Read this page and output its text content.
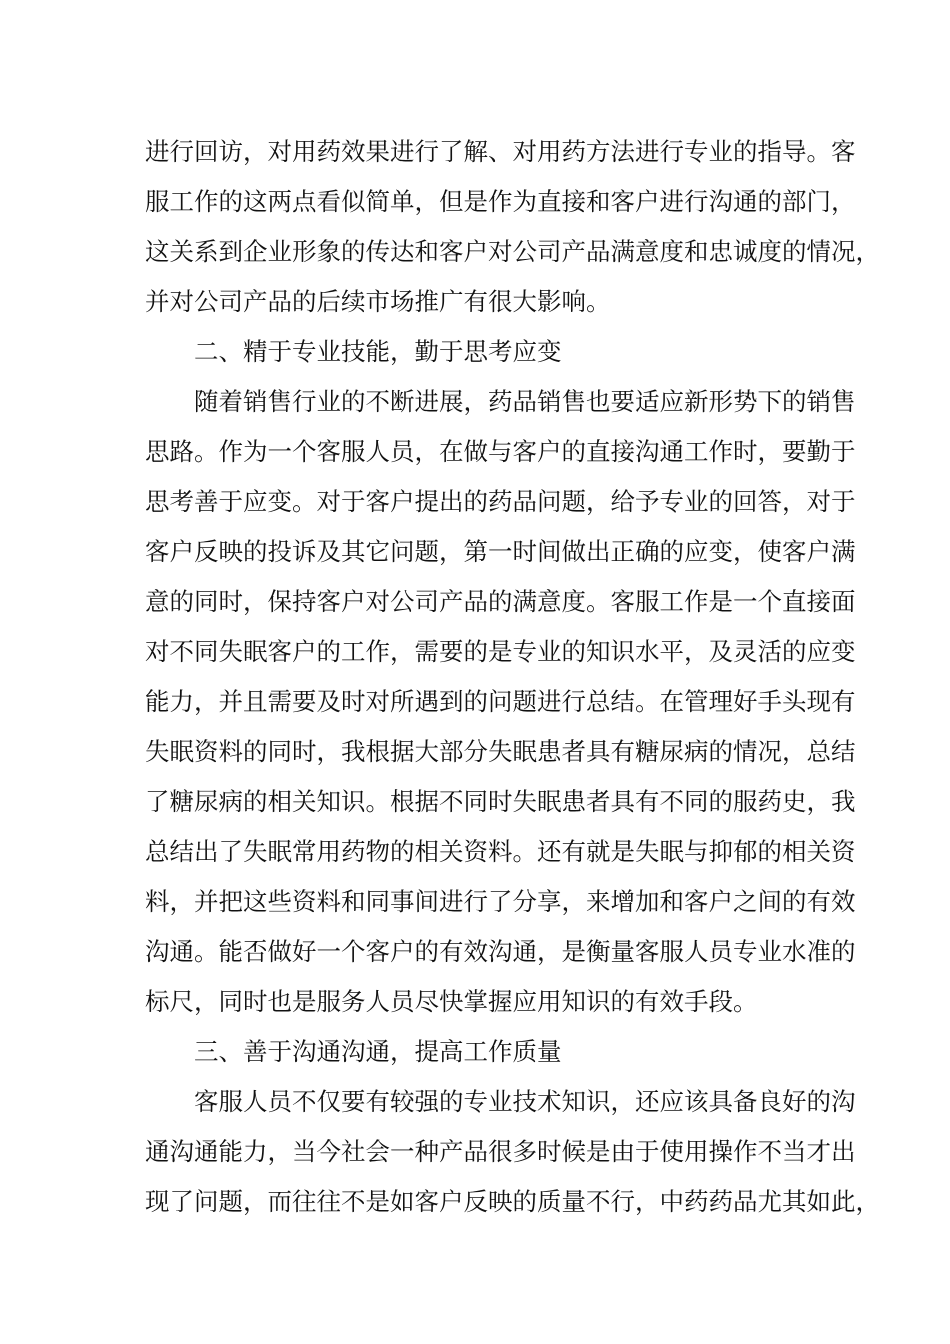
进行回访，对用药效果进行了解、对用药方法进行专业的指导。客
服工作的这两点看似简单，但是作为直接和客户进行沟通的部门，
这关系到企业形象的传达和客户对公司产品满意度和忠诚度的情况，
并对公司产品的后续市场推广有很大影响。
二、精于专业技能，勤于思考应变
随着销售行业的不断进展，药品销售也要适应新形势下的销售
思路。作为一个客服人员，在做与客户的直接沟通工作时，要勤于
思考善于应变。对于客户提出的药品问题，给予专业的回答，对于
客户反映的投诉及其它问题，第一时间做出正确的应变，使客户满
意的同时，保持客户对公司产品的满意度。客服工作是一个直接面
对不同失眠客户的工作，需要的是专业的知识水平，及灵活的应变
能力，并且需要及时对所遇到的问题进行总结。在管理好手头现有
失眠资料的同时，我根据大部分失眠患者具有糖尿病的情况，总结
了糖尿病的相关知识。根据不同时失眠患者具有不同的服药史，我
总结出了失眠常用药物的相关资料。还有就是失眠与抑郁的相关资
料，并把这些资料和同事间进行了分享，来增加和客户之间的有效
沟通。能否做好一个客户的有效沟通，是衡量客服人员专业水准的
标尺，同时也是服务人员尽快掌握应用知识的有效手段。
三、善于沟通沟通，提高工作质量
客服人员不仅要有较强的专业技术知识，还应该具备良好的沟
通沟通能力，当今社会一种产品很多时候是由于使用操作不当才出
现了问题，而往往不是如客户反映的质量不行，中药药品尤其如此，
